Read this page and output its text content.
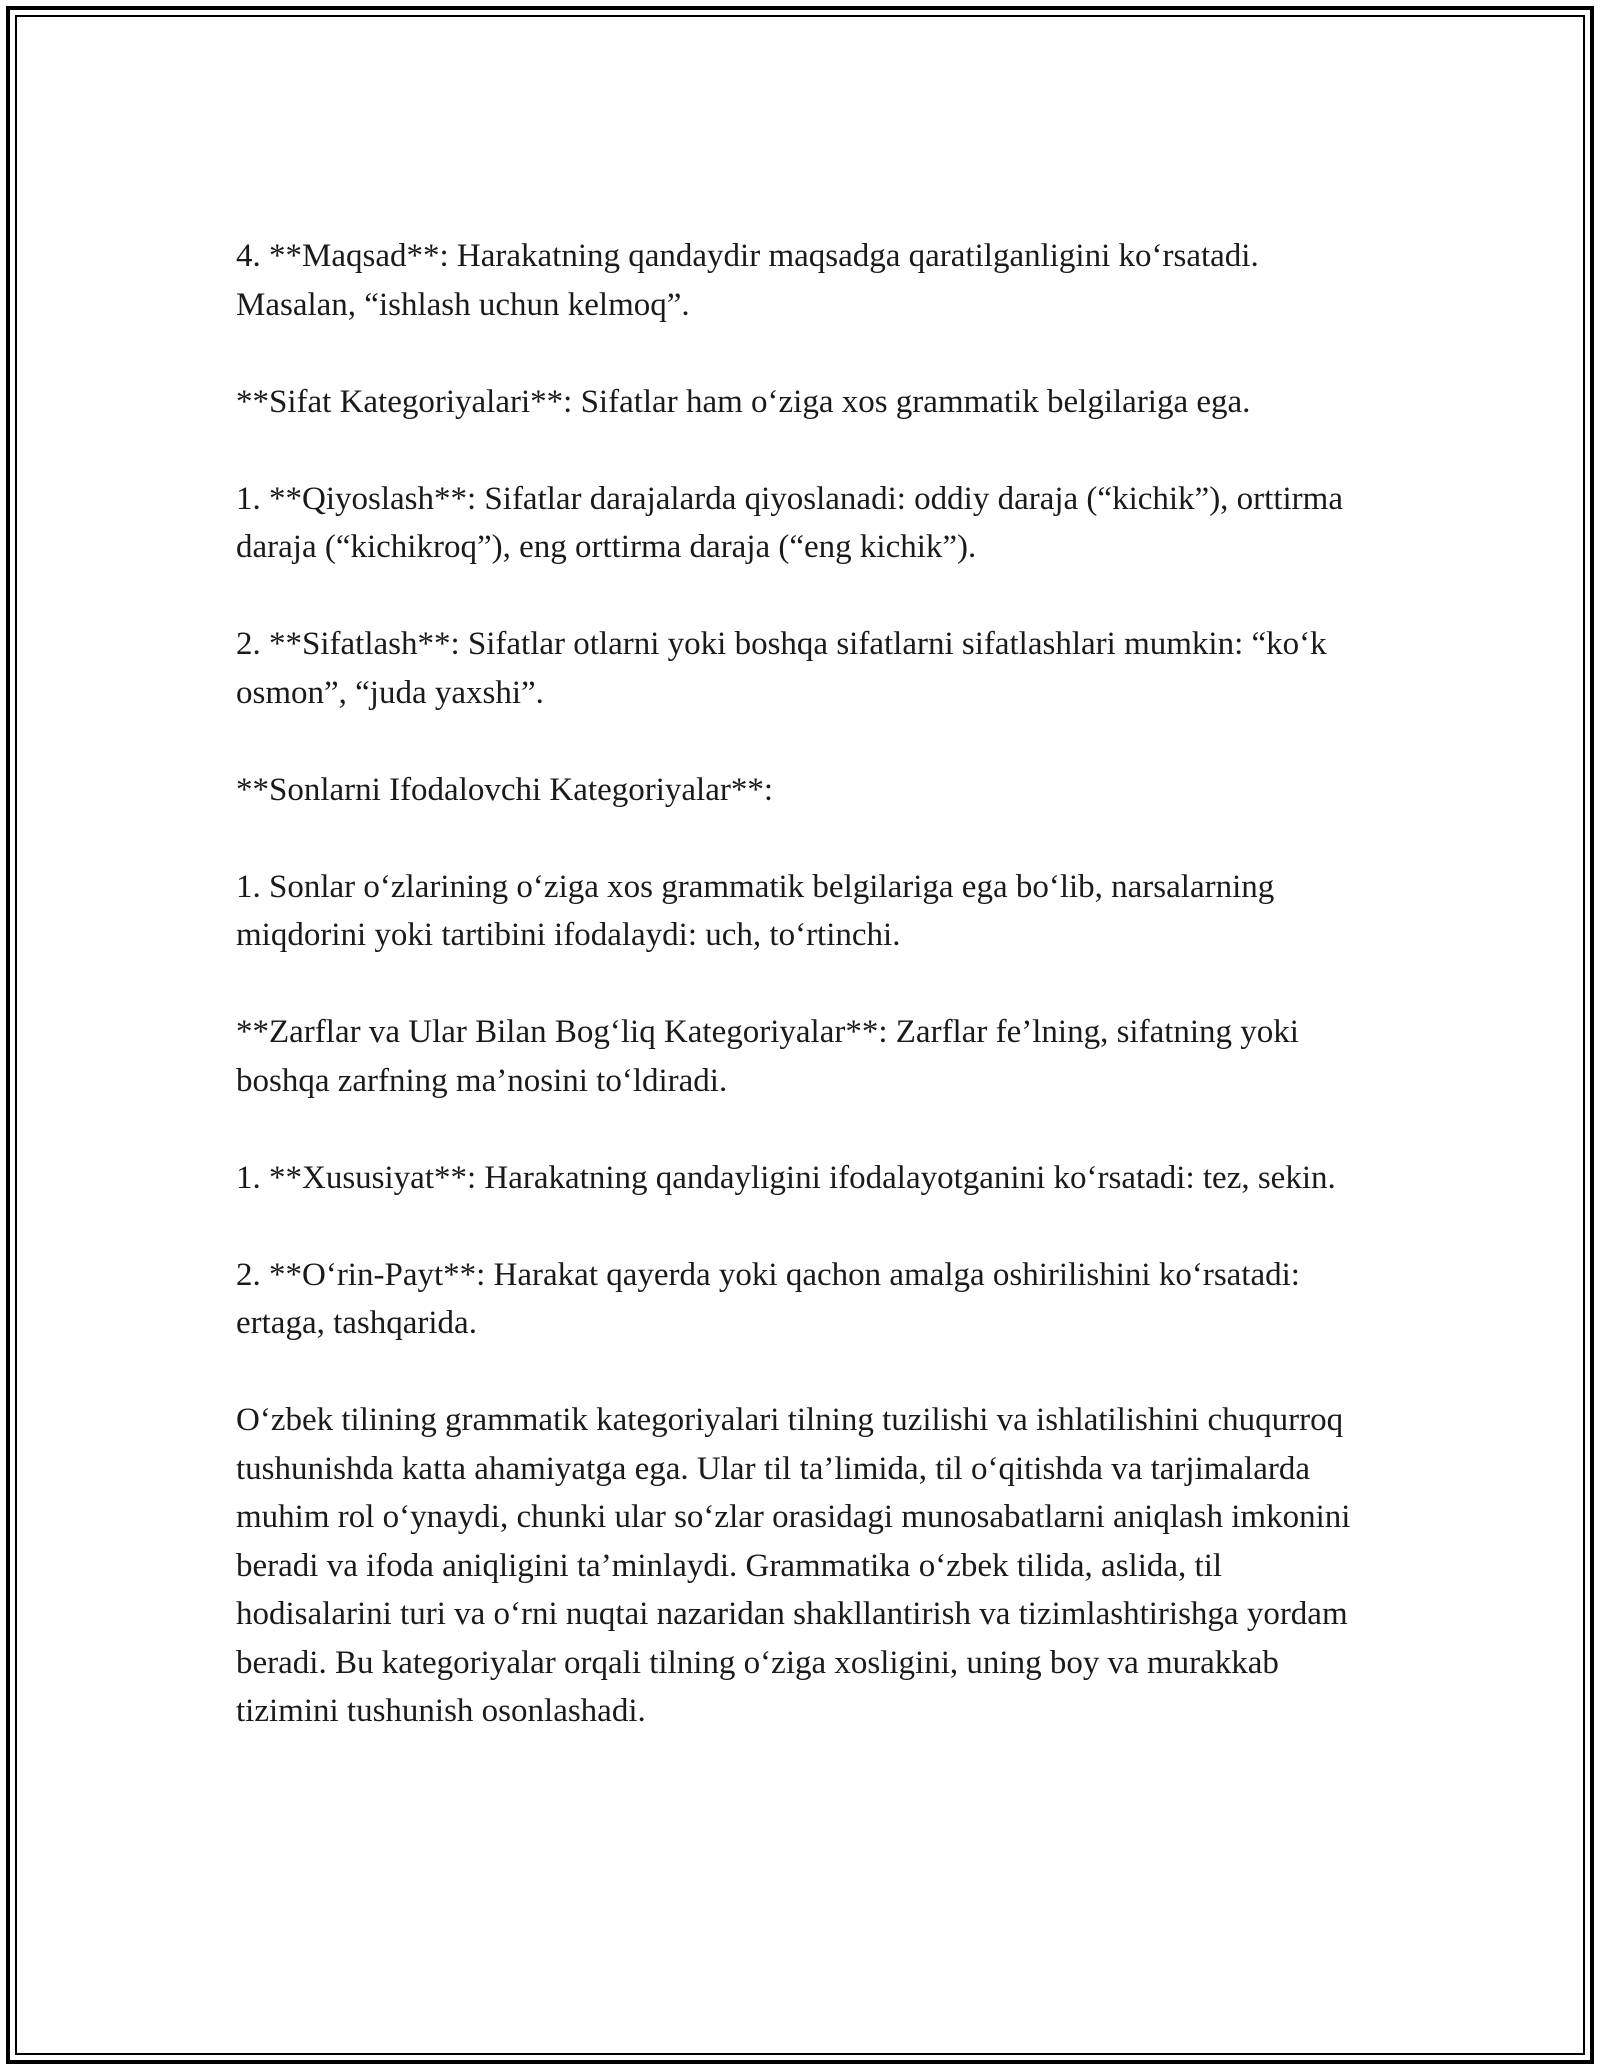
4. **Maqsad**: Harakatning qandaydir maqsadga qaratilganligini ko‘rsatadi. Masalan, “ishlash uchun kelmoq”.

**Sifat Kategoriyalari**: Sifatlar ham o‘ziga xos grammatik belgilariga ega.

1. **Qiyoslash**: Sifatlar darajalarda qiyoslanadi: oddiy daraja (“kichik”), orttirma daraja (“kichikroq”), eng orttirma daraja (“eng kichik”).

2. **Sifatlash**: Sifatlar otlarni yoki boshqa sifatlarni sifatlashlari mumkin: “ko‘k osmon”, “juda yaxshi”.

**Sonlarni Ifodalovchi Kategoriyalar**:

1. Sonlar o‘zlarining o‘ziga xos grammatik belgilariga ega bo‘lib, narsalarning miqdorini yoki tartibini ifodalaydi: uch, to‘rtinchi.

**Zarflar va Ular Bilan Bog‘liq Kategoriyalar**: Zarflar fe’lning, sifatning yoki boshqa zarfning ma’nosini to‘ldiradi.

1. **Xususiyat**: Harakatning qandayligini ifodalayotganini ko‘rsatadi: tez, sekin.

2. **O‘rin-Payt**: Harakat qayerda yoki qachon amalga oshirilishini ko‘rsatadi: ertaga, tashqarida.

O‘zbek tilining grammatik kategoriyalari tilning tuzilishi va ishlatilishini chuqurroq tushunishda katta ahamiyatga ega. Ular til ta’limida, til o‘qitishda va tarjimalarda muhim rol o‘ynaydi, chunki ular so‘zlar orasidagi munosabatlarni aniqlash imkonini beradi va ifoda aniqligini ta’minlaydi. Grammatika o‘zbek tilida, aslida, til hodisalarini turi va o‘rni nuqtai nazaridan shakllantirish va tizimlashtirishga yordam beradi. Bu kategoriyalar orqali tilning o‘ziga xosligini, uning boy va murakkab tizimini tushunish osonlashadi.
